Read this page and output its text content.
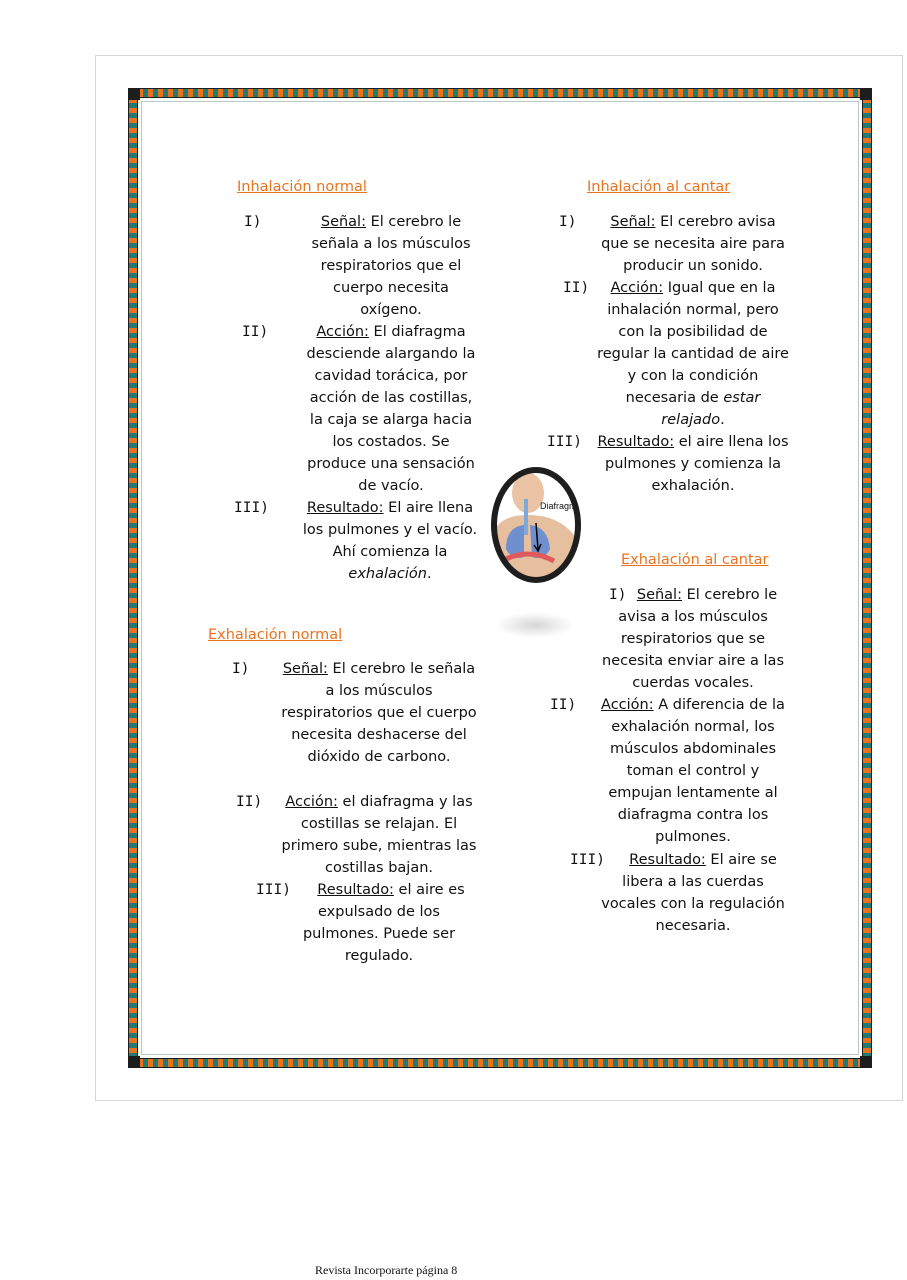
Inhalación normal
I)	Señal: El cerebro le señala a los músculos respiratorios que el cuerpo necesita oxígeno.
II)	Acción: El diafragma desciende alargando la cavidad torácica, por acción de las costillas, la caja se alarga hacia los costados. Se produce una sensación de vacío.
III)	Resultado: El aire llena los pulmones y el vacío. Ahí comienza la exhalación.
Inhalación al cantar
I)	Señal: El cerebro avisa que se necesita aire para producir un sonido.
II)	Acción: Igual que en la inhalación normal, pero con la posibilidad de regular la cantidad de aire y con la condición necesaria de estar relajado.
III)	Resultado: el aire llena los pulmones y comienza la exhalación.
Diafragm
Exhalación al cantar
I) Señal: El cerebro le avisa a los músculos respiratorios que se necesita enviar aire a las cuerdas vocales.
II)	Acción: A diferencia de la exhalación normal, los músculos abdominales toman el control y empujan lentamente al diafragma contra los pulmones.
III)	Resultado: El aire se libera a las cuerdas vocales con la regulación necesaria.
Exhalación normal
I) Señal: El cerebro le señala a los músculos respiratorios que el cuerpo necesita deshacerse del dióxido de carbono.
II)	Acción: el diafragma y las costillas se relajan. El primero sube, mientras las costillas bajan.
III)	Resultado: el aire es expulsado de los pulmones. Puede ser regulado.
Revista Incorporarte página 8
